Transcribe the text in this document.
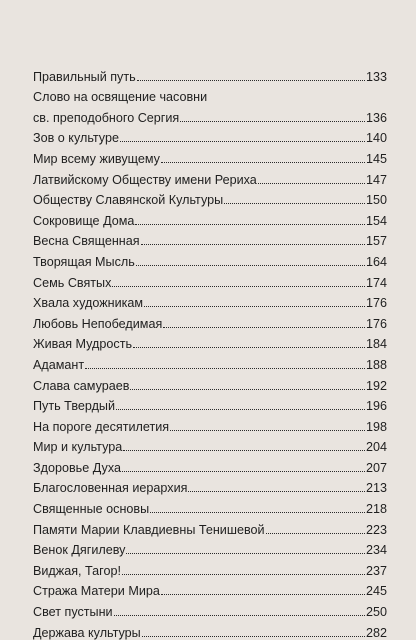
Правильный путь	133
Слово на освящение часовни
св. преподобного Сергия	136
Зов о культуре	140
Мир всему живущему	145
Латвийскому Обществу имени Рериха	147
Обществу Славянской Культуры	150
Сокровище Дома	154
Весна Священная	157
Творящая Мысль	164
Семь Святых	174
Хвала художникам	176
Любовь Непобедимая	176
Живая Мудрость	184
Адамант	188
Слава самураев	192
Путь Твердый	196
На пороге десятилетия	198
Мир и культура	204
Здоровье Духа	207
Благословенная иерархия	213
Священные основы	218
Памяти Марии Клавдиевны Тенишевой	223
Венок Дягилеву	234
Виджая, Тагор!	237
Стража Матери Мира	245
Свет пустыни	250
Держава культуры	282
